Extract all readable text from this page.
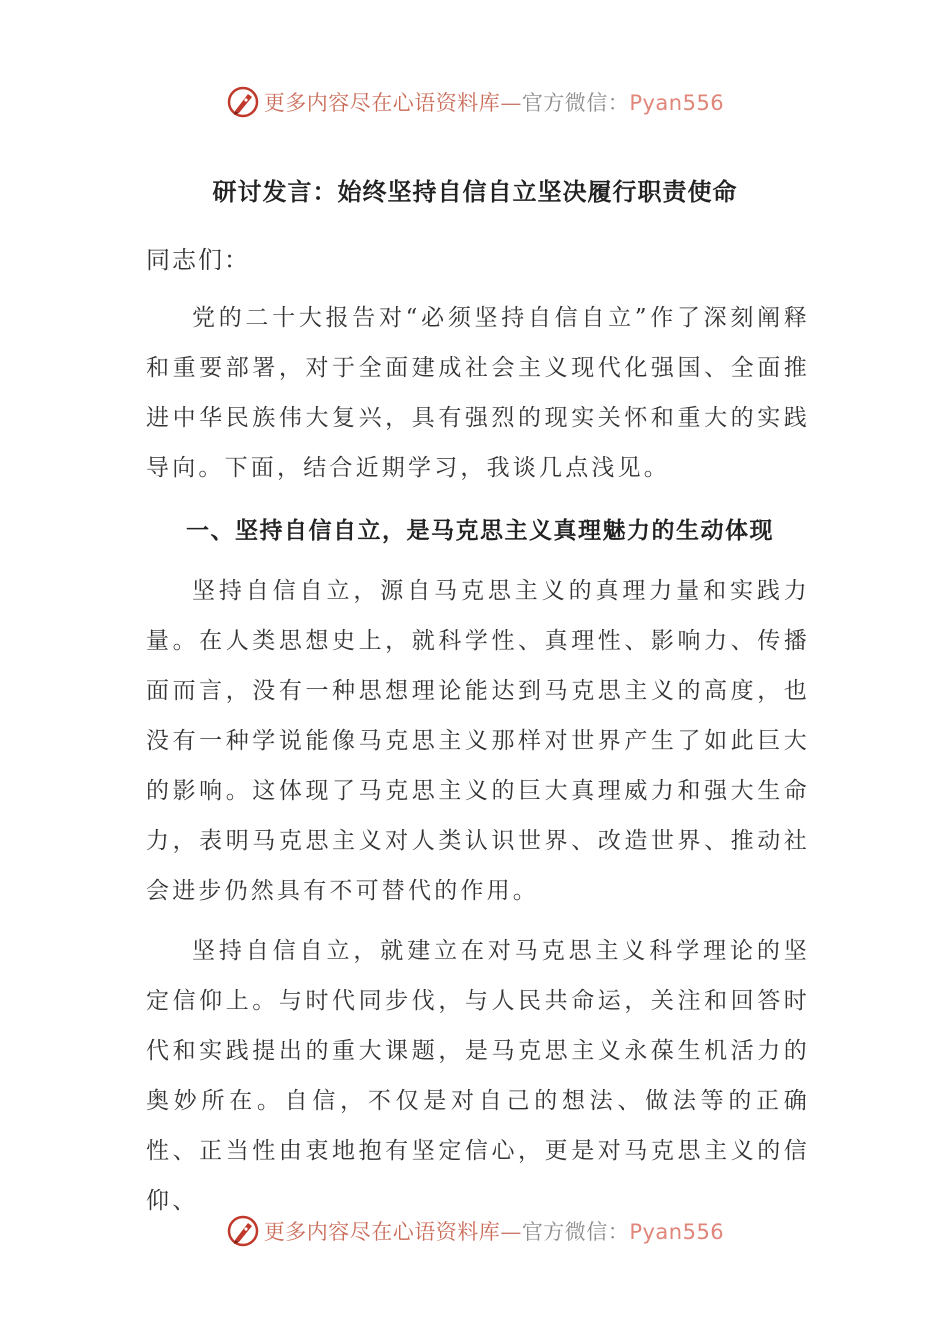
更多内容尽在心语资料库—官方微信：Pyan556
研讨发言：始终坚持自信自立坚决履行职责使命
同志们：

党的二十大报告对“必须坚持自信自立”作了深刻阐释和重要部署，对于全面建成社会主义现代化强国、全面推进中华民族伟大复兴，具有强烈的现实关怀和重大的实践导向。下面，结合近期学习，我谈几点浅见。

一、坚持自信自立，是马克思主义真理魅力的生动体现

坚持自信自立，源自马克思主义的真理力量和实践力量。在人类思想史上，就科学性、真理性、影响力、传播面而言，没有一种思想理论能达到马克思主义的高度，也没有一种学说能像马克思主义那样对世界产生了如此巨大的影响。这体现了马克思主义的巨大真理威力和强大生命力，表明马克思主义对人类认识世界、改造世界、推动社会进步仍然具有不可替代的作用。

坚持自信自立，就建立在对马克思主义科学理论的坚定信仰上。与时代同步伐，与人民共命运，关注和回答时代和实践提出的重大课题，是马克思主义永葆生机活力的奥妙所在。自信，不仅是对自己的想法、做法等的正确性、正当性由衷地抱有坚定信心，更是对马克思主义的信仰、

更多内容尽在心语资料库—官方微信：Pyan556
